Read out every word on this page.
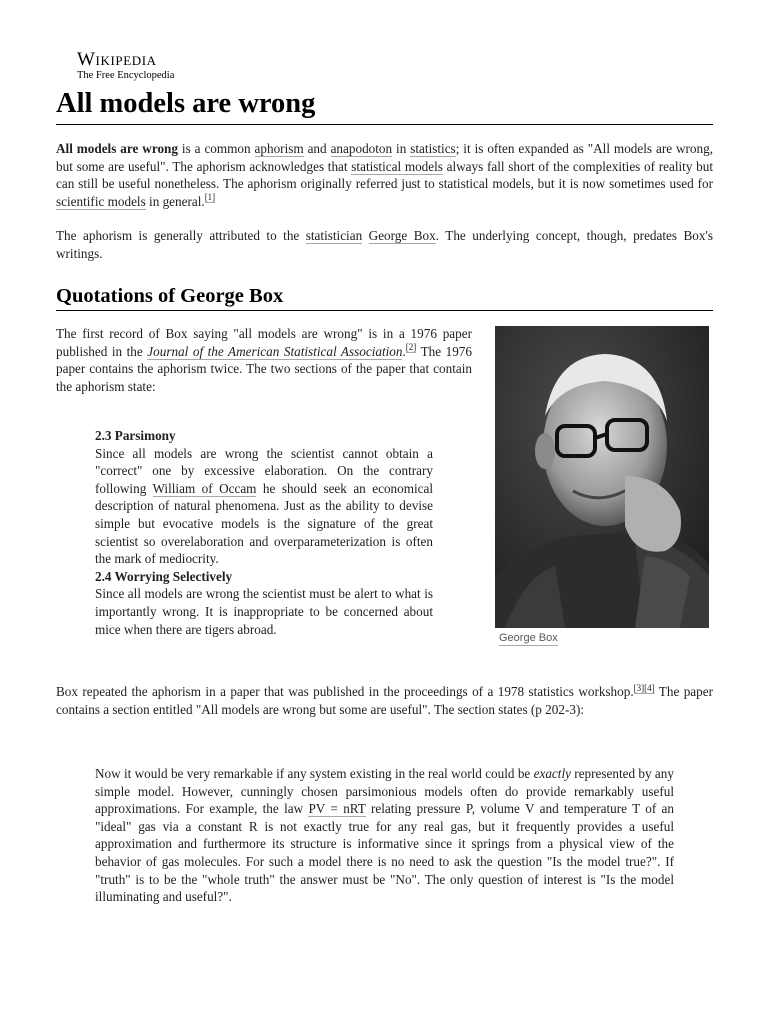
Wikipedia
The Free Encyclopedia
All models are wrong

All models are wrong is a common aphorism and anapodoton in statistics; it is often expanded as "All models are wrong, but some are useful". The aphorism acknowledges that statistical models always fall short of the complexities of reality but can still be useful nonetheless. The aphorism originally referred just to statistical models, but it is now sometimes used for scientific models in general.[1]

The aphorism is generally attributed to the statistician George Box. The underlying concept, though, predates Box's writings.

Quotations of George Box

The first record of Box saying "all models are wrong" is in a 1976 paper published in the Journal of the American Statistical Association.[2] The 1976 paper contains the aphorism twice. The two sections of the paper that contain the aphorism state:

2.3 Parsimony

Since all models are wrong the scientist cannot obtain a "correct" one by excessive elaboration. On the contrary following William of Occam he should seek an economical description of natural phenomena. Just as the ability to devise simple but evocative models is the signature of the great scientist so overelaboration and overparameterization is often the mark of mediocrity.

2.4 Worrying Selectively

Since all models are wrong the scientist must be alert to what is importantly wrong. It is inappropriate to be concerned about mice when there are tigers abroad.

George Box

Box repeated the aphorism in a paper that was published in the proceedings of a 1978 statistics workshop.[3][4] The paper contains a section entitled "All models are wrong but some are useful". The section states (p 202-3):

Now it would be very remarkable if any system existing in the real world could be exactly represented by any simple model. However, cunningly chosen parsimonious models often do provide remarkably useful approximations. For example, the law PV = nRT relating pressure P, volume V and temperature T of an "ideal" gas via a constant R is not exactly true for any real gas, but it frequently provides a useful approximation and furthermore its structure is informative since it springs from a physical view of the behavior of gas molecules. For such a model there is no need to ask the question "Is the model true?". If "truth" is to be the "whole truth" the answer must be "No". The only question of interest is "Is the model illuminating and useful?".
